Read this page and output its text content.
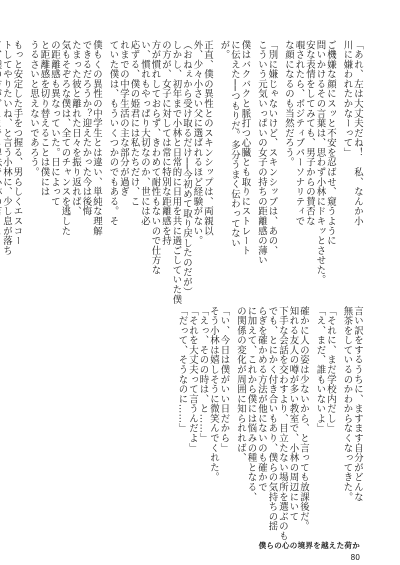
「あれ、左は大丈夫だね！　私、なんか小
川に嫌われたかなーって」
ご機嫌な顔にスッと不安を忍ばせ、窺うように
問いかけるその言葉は、思わず小林にドキッとさせた。
安な表情をしてみても、男子からの賛否な
覗されたら、ボジティブパーソナリティで
な顔になるのも当然だろう。
「別に嫌じゃないけど、スキンシップは、あの、
こういう元気いっぱいの女子の持ちの距離感の薄い
僕はバクバクと脈打つ心臓とも取りにストレート
に伝えた──つもりだ。多分うまく伝わってない
が。
正直、僕の異性とのスキンシップは、両親以
外、少々小さい父に選ばれるほど経験がない。
（おねぇから受け取るだけ──今初めて取り戻したのだが）
しかし、初年まで小林と日常的に日用を共に過ごしていた僕
の方が、女子に対しては常に特別な距離感を持
方が慣れしておらず、きわめて耐性もないので仕方な
い、慣れもやっぱり大切なのか、世には必
応ずる、僕の姫君には私たちだけ、こ
れまでの中学生活の主な部分が過ぎ
ていた僕は、もういくつかのでもある。そ
僕もくの異性の中学生とは違い、単純な理解
できるだろうか？迎えたかった今は後悔
たまった彼と離れた日々を振り返れば、
気もそぞろな僕は、全てのチャンスを逃した
の距離感も異なっていた。日によって
と距離感を切り替えることは僕には
うるさいと思えないであろう。
もっと安定した手をつ握る、男らしくエスコー
トしてやりたいね、と言う小林に、少し息が落ち
言い訳をするうちに、ますます自分がどんな
無茶をしているのかわからなくなってきた。
「それに、まだ学校内だし」
「え、まだ、誰もいないよ」
確かに人の姿は少ないから、と言っても放課後だ。
知れる友人の噂が多い教室で、小林の周辺にいて
下手な会話を交わすより、目立たない場所を選ぶのも
でも、とにかく付き合いもあり、僕らの気持ちの揺
らぎを確かめる方法が他にないのも確かで
に加えて、これから僕には悩みの種となる、
の関係の変化が周囲に知られれば、
「い、今日は僕がいい日だから」
そう小林は嬉しそうに微笑んでくれた。
「えっ、そのの時は、と……」
「それを大丈夫って言うんだよ」
「だって、そうなのに……」
僕らの心の境界を越えた荷か
80
